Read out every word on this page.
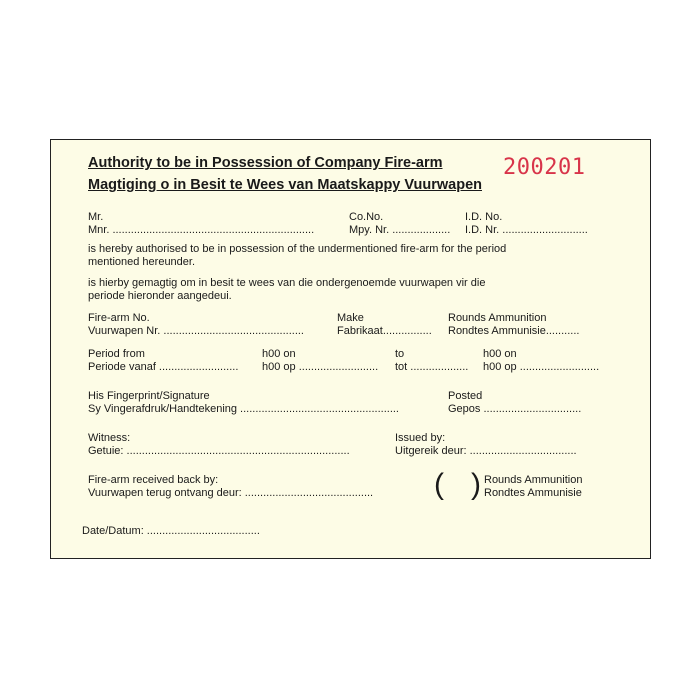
Authority to be in Possession of Company Fire-arm
Magtiging o in Besit te Wees van Maatskappy Vuurwapen
200201
Mr.
Mnr. ..................................................................
Co.No.
Mpy. Nr. ...................
I.D. No.
I.D. Nr. ............................
is hereby authorised to be in possession of the undermentioned fire-arm for the period
mentioned hereunder.
is hierby gemagtig om in besit te wees van die ondergenoemde vuurwapen vir die
periode hieronder aangedeui.
Fire-arm No.
Vuurwapen Nr. ..............................................
Make
Fabrikaat................
Rounds Ammunition
Rondtes Ammunisie...........
Period from
Periode vanaf ..........................
h00 on
h00 op ..........................
to
tot ...................
h00 on
h00 op ..........................
His Fingerprint/Signature
Sy Vingerafdruk/Handtekening ....................................................
Posted
Gepos ................................
Witness:
Getuie: .........................................................................
Issued by:
Uitgereik deur: ...................................
Fire-arm received back by:
Vuurwapen terug ontvang deur: .......................................... ( ) Rounds Ammunition
Rondtes Ammunisie
Date/Datum: .....................................
